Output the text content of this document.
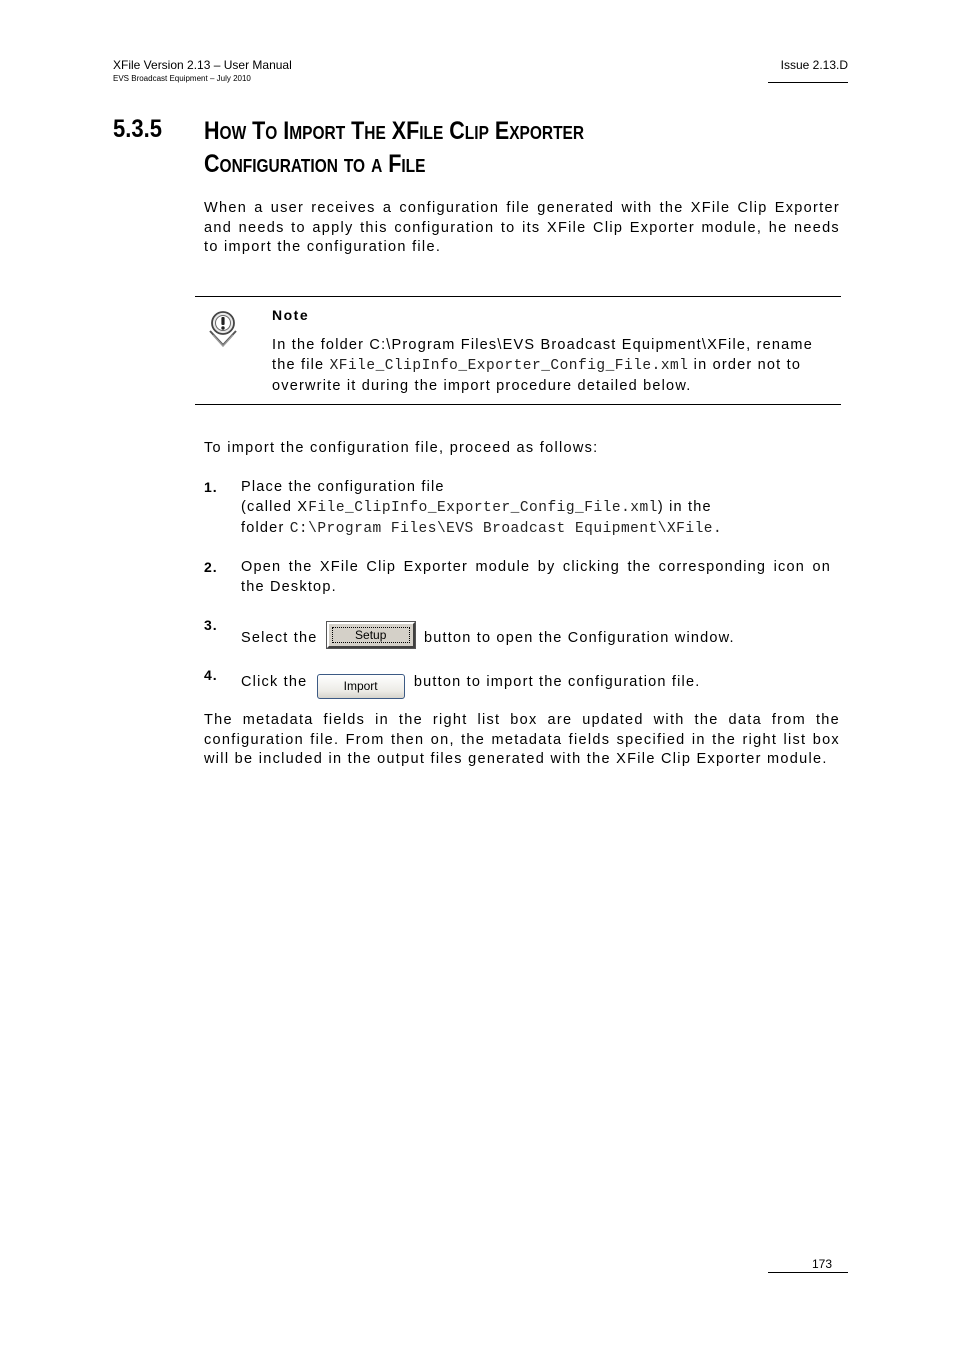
XFile Version 2.13 – User Manual
EVS Broadcast Equipment – July 2010
Issue 2.13.D
5.3.5 How To Import The XFile Clip Exporter Configuration to a File
When a user receives a configuration file generated with the XFile Clip Exporter and needs to apply this configuration to its XFile Clip Exporter module, he needs to import the configuration file.
Note
In the folder C:\Program Files\EVS Broadcast Equipment\XFile, rename the file XFile_ClipInfo_Exporter_Config_File.xml in order not to overwrite it during the import procedure detailed below.
To import the configuration file, proceed as follows:
1. Place the configuration file
(called XFile_ClipInfo_Exporter_Config_File.xml) in the
folder C:\Program Files\EVS Broadcast Equipment\XFile.
2. Open the XFile Clip Exporter module by clicking the corresponding icon on the Desktop.
3.
Select the	Setup	button to open the Configuration window.
4. Click the	Import button to import the configuration file.
The metadata fields in the right list box are updated with the data from the configuration file. From then on, the metadata fields specified in the right list box will be included in the output files generated with the XFile Clip Exporter module.
173
